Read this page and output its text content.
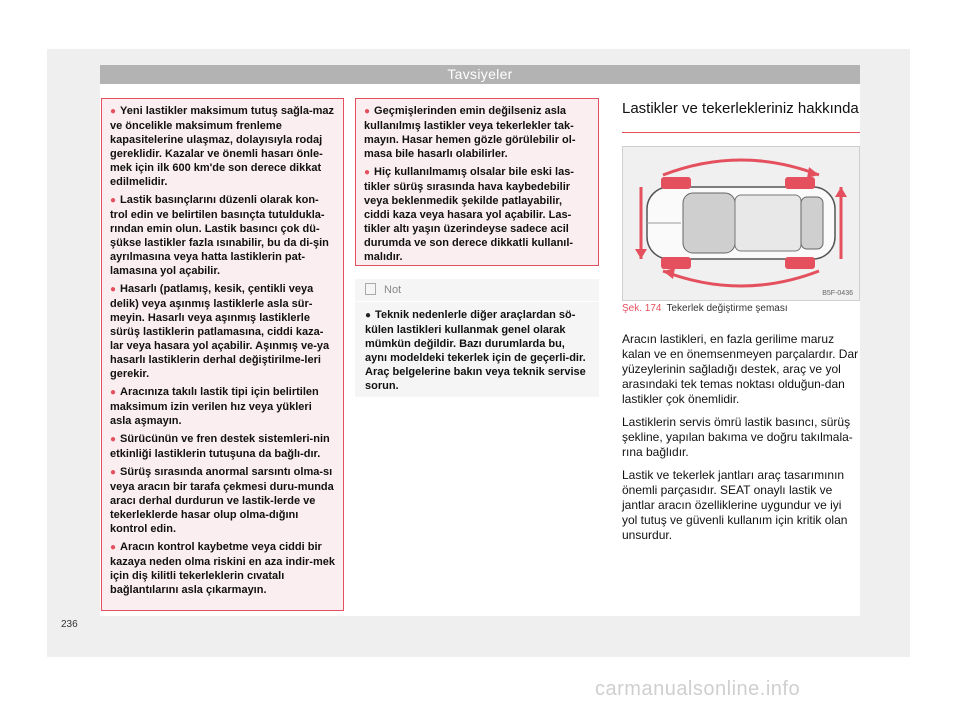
Tavsiyeler
● Yeni lastikler maksimum tutuş sağla-maz ve öncelikle maksimum frenleme kapasitelerine ulaşmaz, dolayısıyla rodaj gereklidir. Kazalar ve önemli hasarı önle-mek için ilk 600 km'de son derece dikkat edilmelidir.
● Lastik basınçlarını düzenli olarak kon-trol edin ve belirtilen basınçta tutuldukla-rından emin olun. Lastik basıncı çok dü-şükse lastikler fazla ısınabilir, bu da di-şin ayrılmasına veya hatta lastiklerin pat-lamasına yol açabilir.
● Hasarlı (patlamış, kesik, çentikli veya delik) veya aşınmış lastiklerle asla sür-meyin. Hasarlı veya aşınmış lastiklerle sürüş lastiklerin patlamasına, ciddi kaza-lar veya hasara yol açabilir. Aşınmış ve-ya hasarlı lastiklerin derhal değiştirilme-leri gerekir.
● Aracınıza takılı lastik tipi için belirtilen maksimum izin verilen hız veya yükleri asla aşmayın.
● Sürücünün ve fren destek sistemleri-nin etkinliği lastiklerin tutuşuna da bağlı-dır.
● Sürüş sırasında anormal sarsıntı olma-sı veya aracın bir tarafa çekmesi duru-munda aracı derhal durdurun ve lastik-lerde ve tekerleklerde hasar olup olma-dığını kontrol edin.
● Aracın kontrol kaybetme veya ciddi bir kazaya neden olma riskini en aza indir-mek için diş kilitli tekerleklerin cıvatalı bağlantılarını asla çıkarmayın.
● Geçmişlerinden emin değilseniz asla kullanılmış lastikler veya tekerlekler tak-mayın. Hasar hemen gözle görülebilir ol-masa bile hasarlı olabilirler.
● Hiç kullanılmamış olsalar bile eski las-tikler sürüş sırasında hava kaybedebilir veya beklenmedik şekilde patlayabilir, ciddi kaza veya hasara yol açabilir. Las-tikler altı yaşın üzerindeyse sadece acil durumda ve son derece dikkatli kullanıl-malıdır.
Not
● Teknik nedenlerle diğer araçlardan sö-külen lastikleri kullanmak genel olarak mümkün değildir. Bazı durumlarda bu, aynı modeldeki tekerlek için de geçerli-dir. Araç belgelerine bakın veya teknik servise sorun.
Lastikler ve tekerlekleriniz hakkında
B5F-0436
Şek. 174 Tekerlek değiştirme şeması

Aracın lastikleri, en fazla gerilime maruz kalan ve en önemsenmeyen parçalardır. Dar yüzeylerinin sağladığı destek, araç ve yol arasındaki tek temas noktası olduğun-dan lastikler çok önemlidir.

Lastiklerin servis ömrü lastik basıncı, sürüş şekline, yapılan bakıma ve doğru takılmala-rına bağlıdır.

Lastik ve tekerlek jantları araç tasarımının önemli parçasıdır. SEAT onaylı lastik ve jantlar aracın özelliklerine uygundur ve iyi yol tutuş ve güvenli kullanım için kritik olan unsurdur.

236
carmanualsonline.info
